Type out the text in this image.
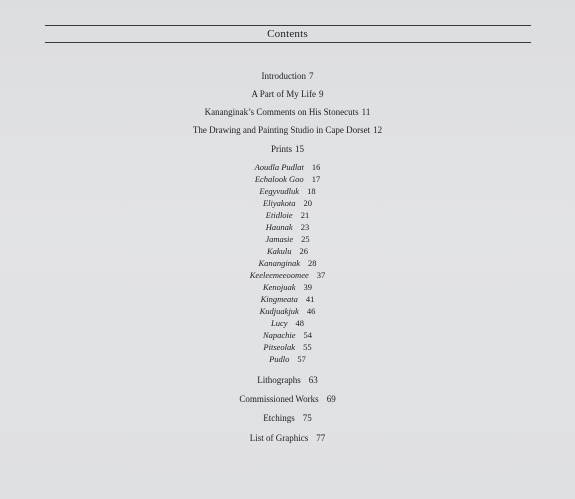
Contents
Introduction 7
A Part of My Life 9
Kananginak’s Comments on His Stonecuts 11
The Drawing and Painting Studio in Cape Dorset 12
Prints 15
Aoudla Pudlat 16
Echalook Goo 17
Eegyvudluk 18
Eliyakota 20
Etidloie 21
Haunak 23
Jamasie 25
Kakulu 26
Kananginak 28
Keeleemeeoomee 37
Kenojuak 39
Kingmeata 41
Kudjuakjuk 46
Lucy 48
Napachie 54
Pitseolak 55
Pudlo 57
Lithographs 63
Commissioned Works 69
Etchings 75
List of Graphics 77
